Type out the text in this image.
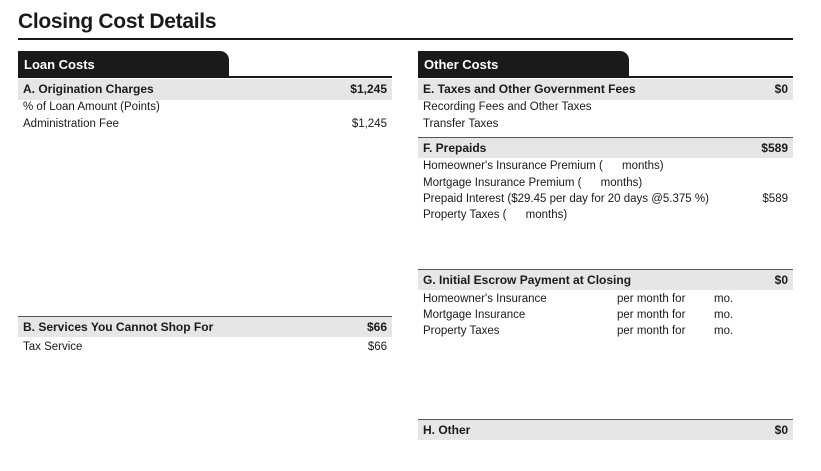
Closing Cost Details
Loan Costs
A. Origination Charges	$1,245
% of Loan Amount (Points)
Administration Fee	$1,245
B. Services You Cannot Shop For	$66
Tax Service	$66
Other Costs
E. Taxes and Other Government Fees	$0
Recording Fees and Other Taxes
Transfer Taxes
F. Prepaids	$589
Homeowner's Insurance Premium (      months)
Mortgage Insurance Premium (      months)
Prepaid Interest ($29.45 per day for 20 days @5.375 %)	$589
Property Taxes (      months)
G. Initial Escrow Payment at Closing	$0
Homeowner's Insurance	per month for mo.
Mortgage Insurance	per month for mo.
Property Taxes	per month for mo.
H. Other	$0
